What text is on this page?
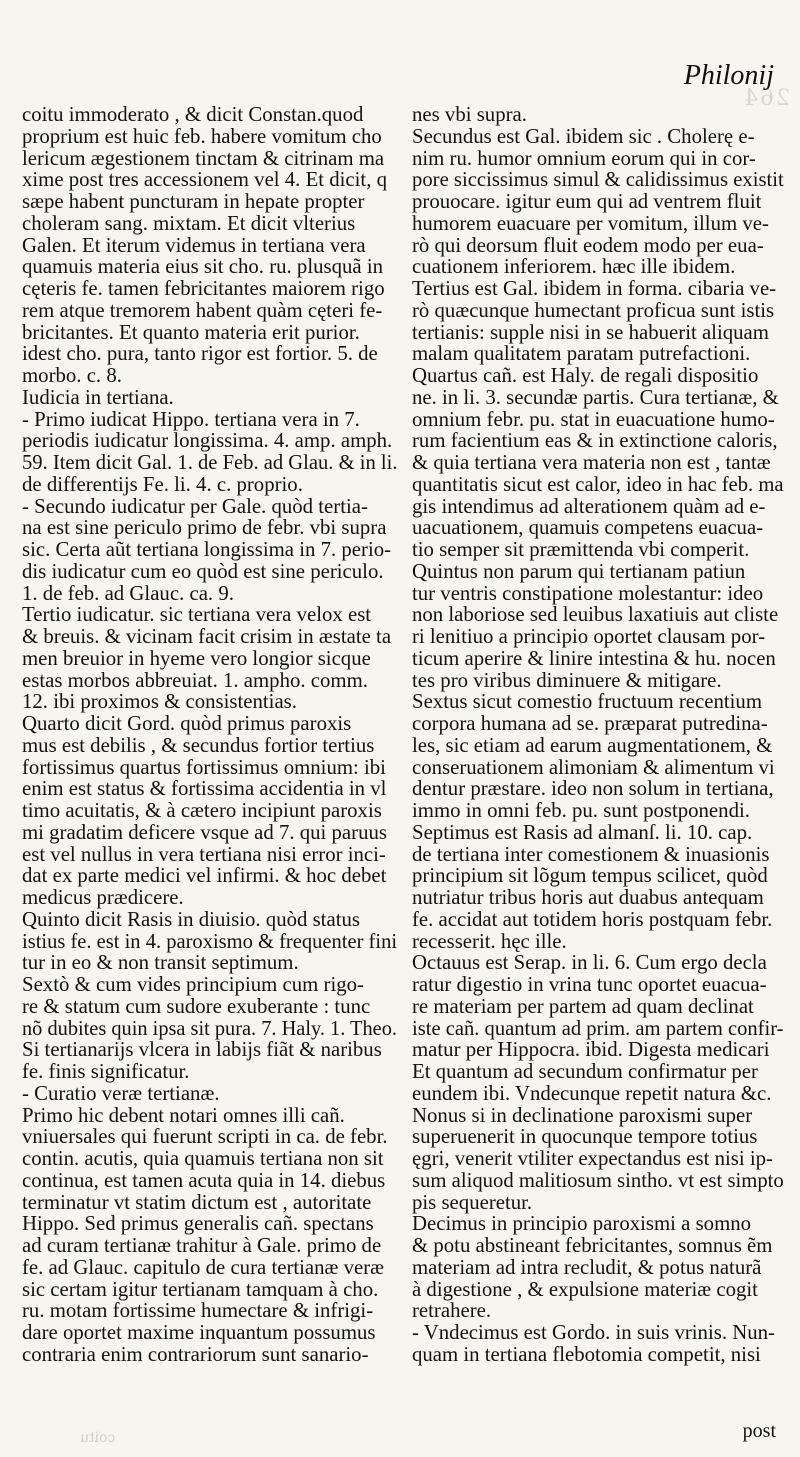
264
Philonij
coitu immoderato , & dicit Constan.quod
proprium est huic feb. habere vomitum cho
lericum ægestionem tinctam & citrinam ma
xime post tres accessionem vel 4. Et dicit, q
sæpe habent puncturam in hepate propter
choleram sang. mixtam. Et dicit vlterius
Galen. Et iterum videmus in tertiana vera
quamuis materia eius sit cho. ru. plusquã in
cęteris fe. tamen febricitantes maiorem rigo
rem atque tremorem habent quàm cęteri fe-
bricitantes. Et quanto materia erit purior.
idest cho. pura, tanto rigor est fortior. 5. de
morbo. c. 8.
Iudicia in tertiana.
- Primo iudicat Hippo. tertiana vera in 7.
periodis iudicatur longissima. 4. amp. amph.
59. Item dicit Gal. 1. de Feb. ad Glau. & in li.
de differentijs Fe. li. 4. c. proprio.
- Secundo iudicatur per Gale. quòd tertia-
na est sine periculo primo de febr. vbi supra
sic. Certa aũt tertiana longissima in 7. perio-
dis iudicatur cum eo quòd est sine periculo.
1. de feb. ad Glauc. ca. 9.
Tertio iudicatur. sic tertiana vera velox est
& breuis. & vicinam facit crisim in æstate ta
men breuior in hyeme vero longior sicque
estas morbos abbreuiat. 1. ampho. comm.
12. ibi proximos & consistentias.
Quarto dicit Gord. quòd primus paroxis
mus est debilis , & secundus fortior tertius
fortissimus quartus fortissimus omnium: ibi
enim est status & fortissima accidentia in vl
timo acuitatis, & à cætero incipiunt paroxis
mi gradatim deficere vsque ad 7. qui paruus
est vel nullus in vera tertiana nisi error inci-
dat ex parte medici vel infirmi. & hoc debet
medicus prædicere.
Quinto dicit Rasis in diuisio. quòd status
istius fe. est in 4. paroxismo & frequenter fini
tur in eo & non transit septimum.
Sextò & cum vides principium cum rigo-
re & statum cum sudore exuberante : tunc
nõ dubites quin ipsa sit pura. 7. Haly. 1. Theo.
Si tertianarijs vlcera in labijs fiãt & naribus
fe. finis significatur.
- Curatio veræ tertianæ.
Primo hic debent notari omnes illi cañ.
vniuersales qui fuerunt scripti in ca. de febr.
contin. acutis, quia quamuis tertiana non sit
continua, est tamen acuta quia in 14. diebus
terminatur vt statim dictum est , autoritate
Hippo. Sed primus generalis cañ. spectans
ad curam tertianæ trahitur à Gale. primo de
fe. ad Glauc. capitulo de cura tertianæ veræ
sic certam igitur tertianam tamquam à cho.
ru. motam fortissime humectare & infrigi-
dare oportet maxime inquantum possumus
contraria enim contrariorum sunt sanario-
nes vbi supra.
Secundus est Gal. ibidem sic . Cholerę e-
nim ru. humor omnium eorum qui in cor-
pore siccissimus simul & calidissimus existit
prouocare. igitur eum qui ad ventrem fluit
humorem euacuare per vomitum, illum ve-
rò qui deorsum fluit eodem modo per eua-
cuationem inferiorem. hæc ille ibidem.
Tertius est Gal. ibidem in forma. cibaria ve-
rò quæcunque humectant proficua sunt istis
tertianis: supple nisi in se habuerit aliquam
malam qualitatem paratam putrefactioni.
Quartus cañ. est Haly. de regali dispositio
ne. in li. 3. secundæ partis. Cura tertianæ, &
omnium febr. pu. stat in euacuatione humo-
rum facientium eas & in extinctione caloris,
& quia tertiana vera materia non est , tantæ
quantitatis sicut est calor, ideo in hac feb. ma
gis intendimus ad alterationem quàm ad e-
uacuationem, quamuis competens euacua-
tio semper sit præmittenda vbi comperit.
Quintus non parum qui tertianam patiun
tur ventris constipatione molestantur: ideo
non laboriose sed leuibus laxatiuis aut cliste
ri lenitiuo a principio oportet clausam por-
ticum aperire & linire intestina & hu. nocen
tes pro viribus diminuere & mitigare.
Sextus sicut comestio fructuum recentium
corpora humana ad se. præparat putredina-
les, sic etiam ad earum augmentationem, &
conseruationem alimoniam & alimentum vi
dentur præstare. ideo non solum in tertiana,
immo in omni feb. pu. sunt postponendi.
Septimus est Rasis ad almanſ. li. 10. cap.
de tertiana inter comestionem & inuasionis
principium sit lõgum tempus scilicet, quòd
nutriatur tribus horis aut duabus antequam
fe. accidat aut totidem horis postquam febr.
recesserit. hęc ille.
Octauus est Serap. in li. 6. Cum ergo decla
ratur digestio in vrina tunc oportet euacua-
re materiam per partem ad quam declinat
iste cañ. quantum ad prim. am partem confir-
matur per Hippocra. ibid. Digesta medicari
Et quantum ad secundum confirmatur per
eundem ibi. Vndecunque repetit natura &c.
Nonus si in declinatione paroxismi super
superuenerit in quocunque tempore totius
ęgri, venerit vtiliter expectandus est nisi ip-
sum aliquod malitiosum sintho. vt est simpto
pis sequeretur.
Decimus in principio paroxismi a somno
& potu abstineant febricitantes, somnus ẽm
materiam ad intra recludit, & potus naturã
à digestione , & expulsione materiæ cogit
retrahere.
- Vndecimus est Gordo. in suis vrinis. Nun-
quam in tertiana flebotomia competit, nisi
coitu	post
